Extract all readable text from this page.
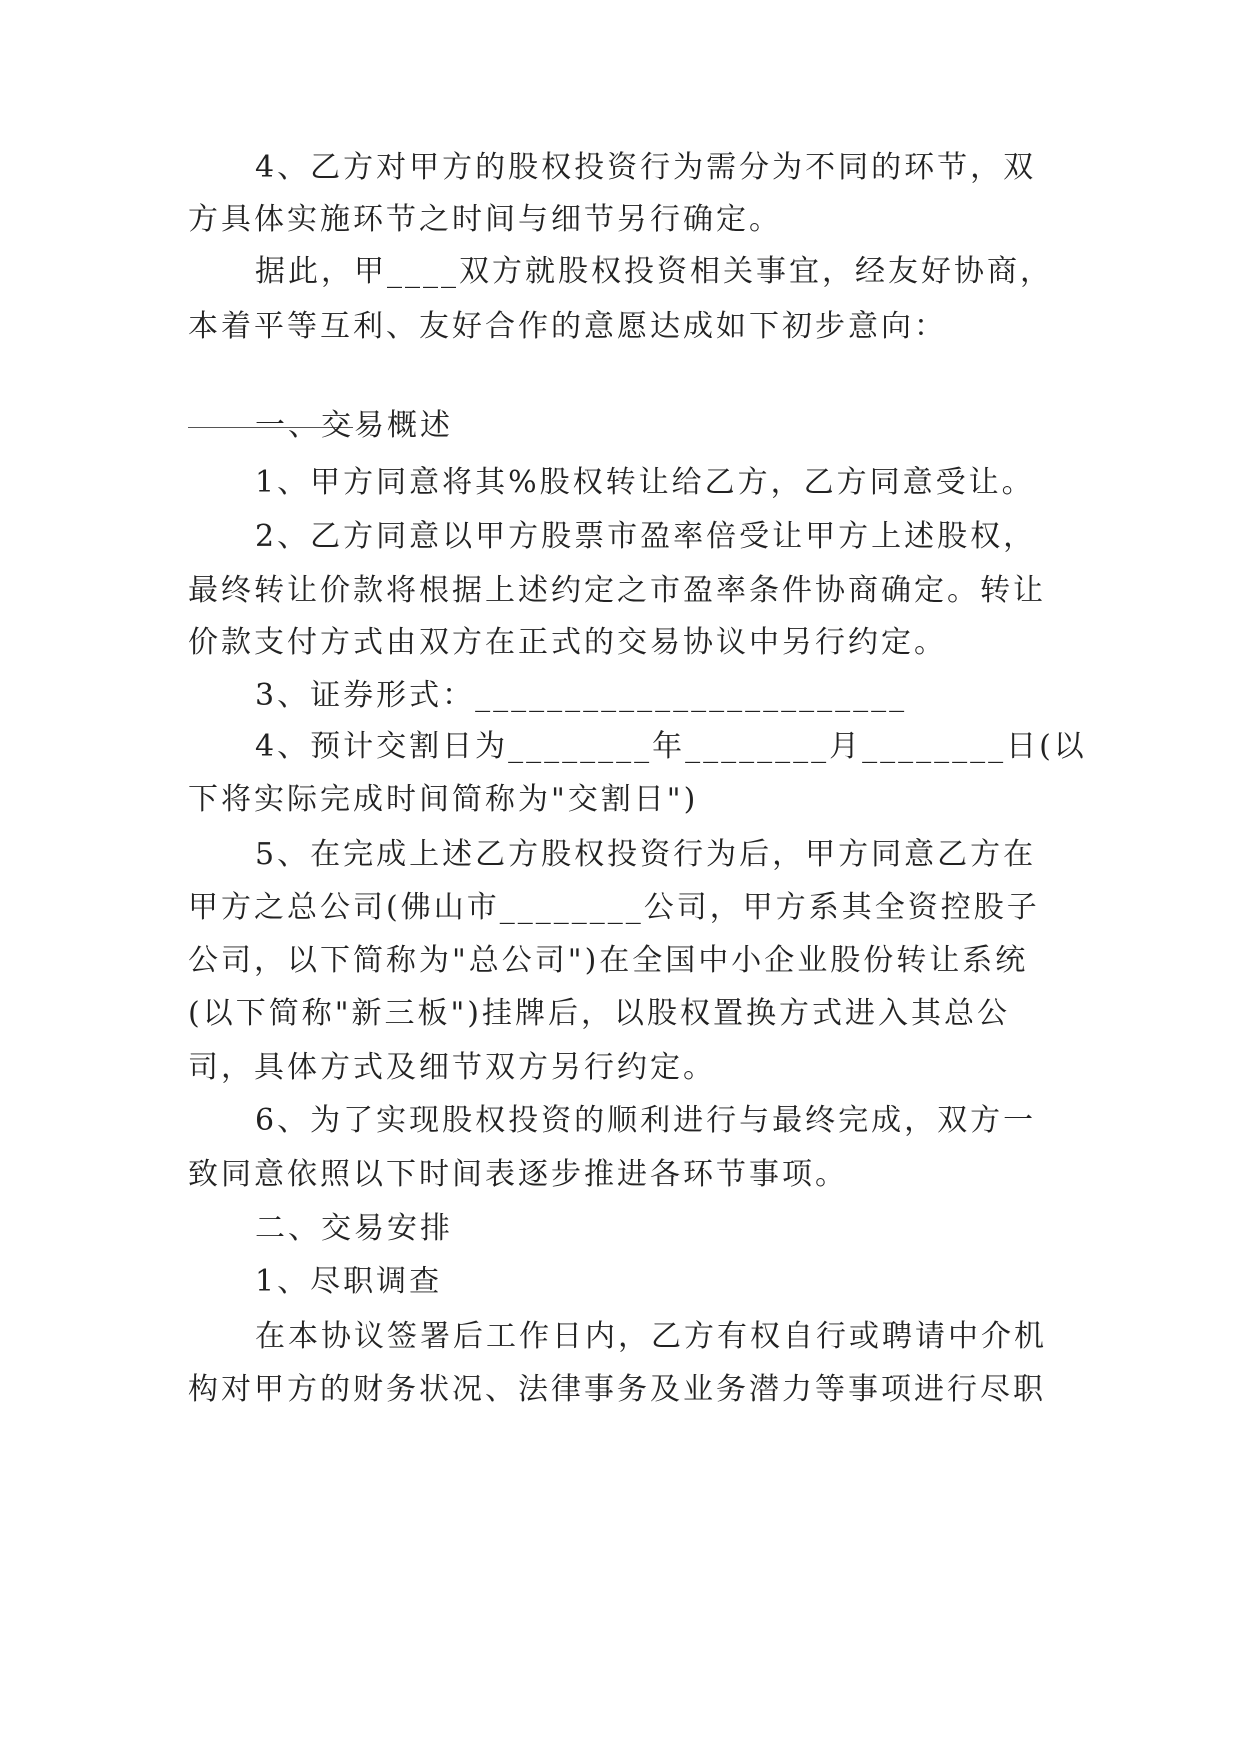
4、乙方对甲方的股权投资行为需分为不同的环节，双
方具体实施环节之时间与细节另行确定。
据此，甲____双方就股权投资相关事宜，经友好协商，
本着平等互利、友好合作的意愿达成如下初步意向：
一、交易概述
1、甲方同意将其%股权转让给乙方，乙方同意受让。
2、乙方同意以甲方股票市盈率倍受让甲方上述股权，
最终转让价款将根据上述约定之市盈率条件协商确定。转让
价款支付方式由双方在正式的交易协议中另行约定。
3、证券形式：________________________
4、预计交割日为________年________月________日(以
下将实际完成时间简称为"交割日")
5、在完成上述乙方股权投资行为后，甲方同意乙方在
甲方之总公司(佛山市________公司，甲方系其全资控股子
公司，以下简称为"总公司")在全国中小企业股份转让系统
(以下简称"新三板")挂牌后，以股权置换方式进入其总公
司，具体方式及细节双方另行约定。
6、为了实现股权投资的顺利进行与最终完成，双方一
致同意依照以下时间表逐步推进各环节事项。
二、交易安排
1、尽职调查
在本协议签署后工作日内，乙方有权自行或聘请中介机
构对甲方的财务状况、法律事务及业务潜力等事项进行尽职
